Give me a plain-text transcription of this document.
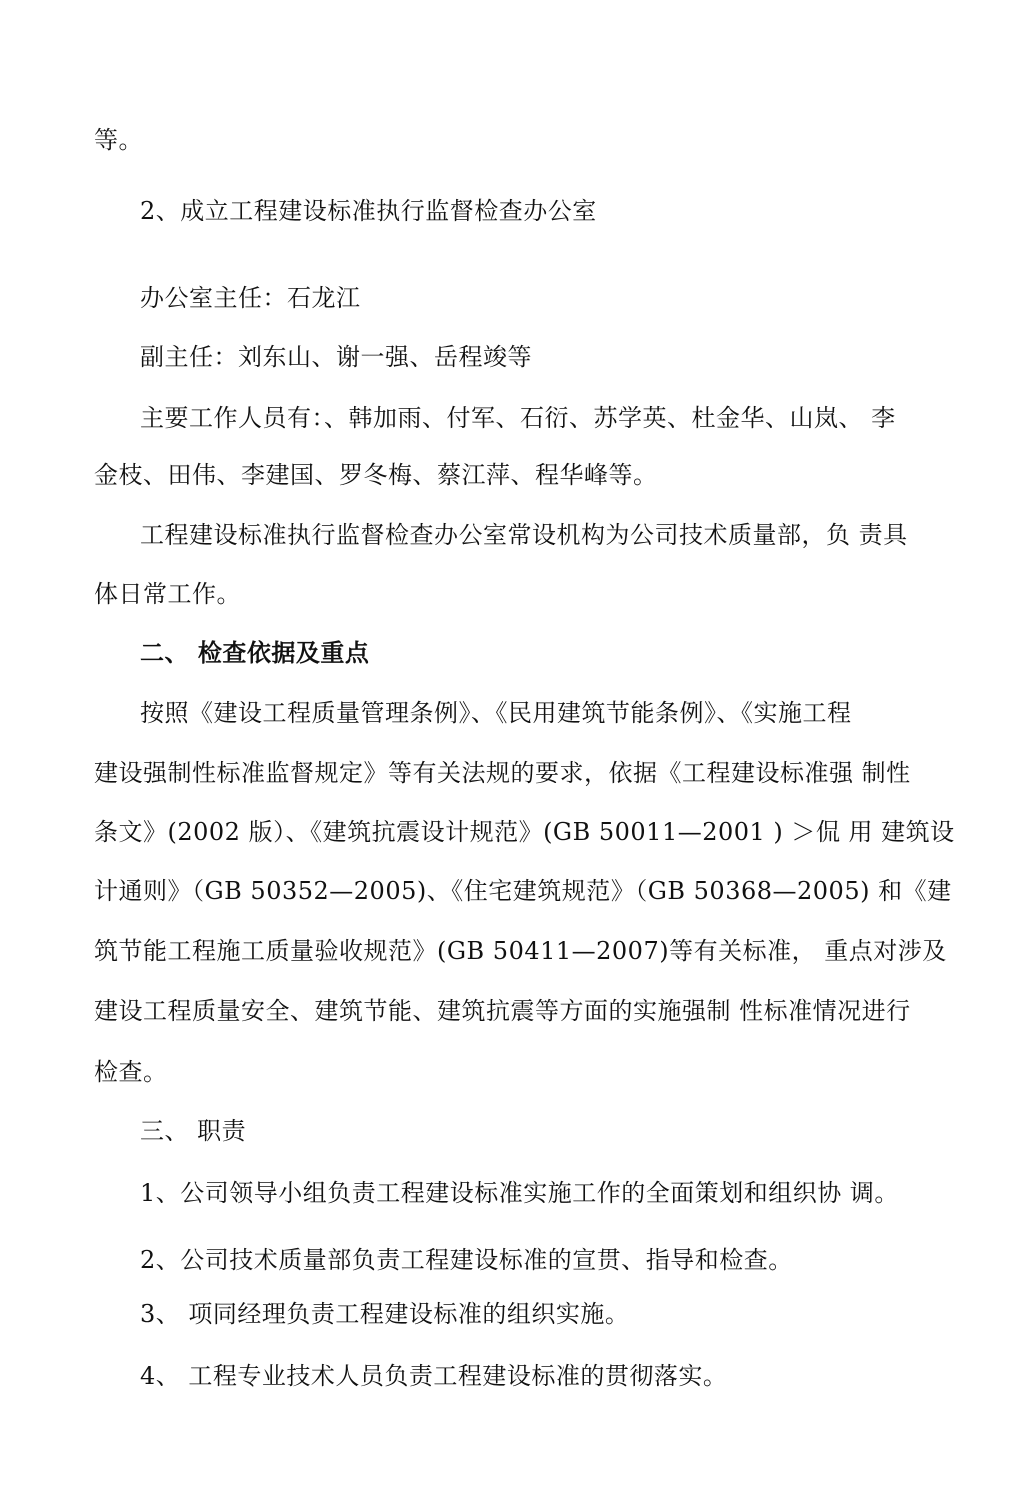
等。
2、成立工程建设标准执行监督检查办公室
办公室主任：石龙江
副主任：刘东山、谢一强、岳程竣等
主要工作人员有：、韩加雨、付军、石衍、苏学英、杜金华、山岚、 李
金枝、田伟、李建国、罗冬梅、蔡江萍、程华峰等。
工程建设标准执行监督检查办公室常设机构为公司技术质量部，负 责具
体日常工作。
二、 检查依据及重点
按照《建设工程质量管理条例》、《民用建筑节能条例》、《实施工程
建设强制性标准监督规定》等有关法规的要求，依据《工程建设标准强 制性
条文》(2002 版）、《建筑抗震设计规范》(GB 50011—2001 ) ＞侃 用 建筑设
计通则》（GB 50352—2005)、《住宅建筑规范》（GB 50368—2005) 和《建
筑节能工程施工质量验收规范》(GB 50411—2007)等有关标准， 重点对涉及
建设工程质量安全、建筑节能、建筑抗震等方面的实施强制 性标准情况进行
检查。
三、 职责
1、公司领导小组负责工程建设标准实施工作的全面策划和组织协 调。
2、公司技术质量部负责工程建设标准的宣贯、指导和检查。
3、 项同经理负责工程建设标准的组织实施。
4、 工程专业技术人员负责工程建设标准的贯彻落实。
